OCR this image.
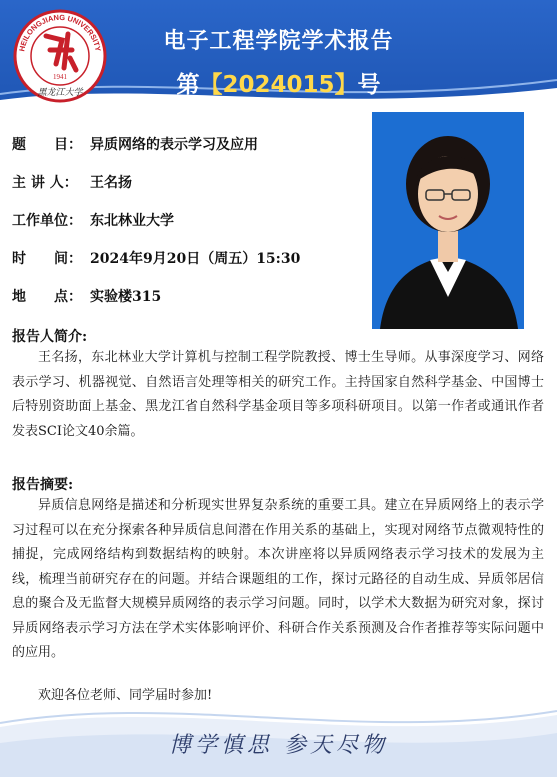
电子工程学院学术报告
第【2024015】号
HEILONGJIANG UNIVERSITY
1941
黑龙江大学
题　　目： 异质网络的表示学习及应用
主 讲 人： 王名扬
工作单位： 东北林业大学
时　　间： 2024年9月20日（周五）15:30
地　　点： 实验楼315
报告人简介:
王名扬，东北林业大学计算机与控制工程学院教授、博士生导师。从事深度学习、网络表示学习、机器视觉、自然语言处理等相关的研究工作。主持国家自然科学基金、中国博士后特别资助面上基金、黑龙江省自然科学基金项目等多项科研项目。以第一作者或通讯作者发表SCI论文40余篇。
报告摘要:
异质信息网络是描述和分析现实世界复杂系统的重要工具。建立在异质网络上的表示学习过程可以在充分探索各种异质信息间潜在作用关系的基础上，实现对网络节点微观特性的捕捉，完成网络结构到数据结构的映射。本次讲座将以异质网络表示学习技术的发展为主线，梳理当前研究存在的问题。并结合课题组的工作，探讨元路径的自动生成、异质邻居信息的聚合及无监督大规模异质网络的表示学习问题。同时，以学术大数据为研究对象，探讨异质网络表示学习方法在学术实体影响评价、科研合作关系预测及合作者推荐等实际问题中的应用。
欢迎各位老师、同学届时参加!
博学慎思 参天尽物
